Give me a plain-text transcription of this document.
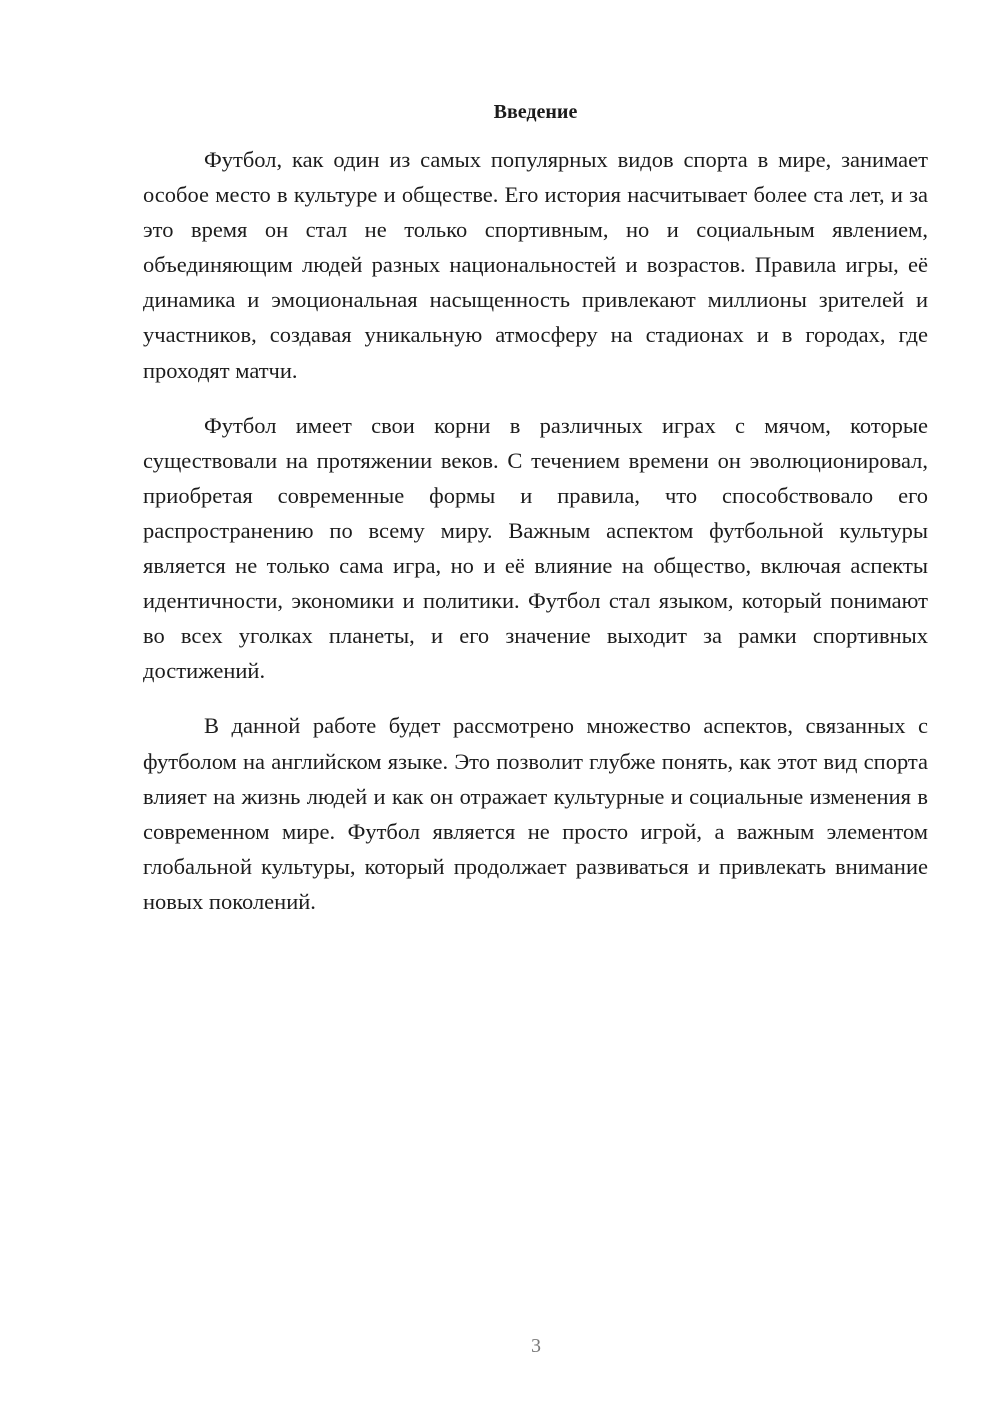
Введение

Футбол, как один из самых популярных видов спорта в мире, занимает особое место в культуре и обществе. Его история насчитывает более ста лет, и за это время он стал не только спортивным, но и социальным явлением, объединяющим людей разных национальностей и возрастов. Правила игры, её динамика и эмоциональная насыщенность привлекают миллионы зрителей и участников, создавая уникальную атмосферу на стадионах и в городах, где проходят матчи.

Футбол имеет свои корни в различных играх с мячом, которые существовали на протяжении веков. С течением времени он эволюционировал, приобретая современные формы и правила, что способствовало его распространению по всему миру. Важным аспектом футбольной культуры является не только сама игра, но и её влияние на общество, включая аспекты идентичности, экономики и политики. Футбол стал языком, который понимают во всех уголках планеты, и его значение выходит за рамки спортивных достижений.

В данной работе будет рассмотрено множество аспектов, связанных с футболом на английском языке. Это позволит глубже понять, как этот вид спорта влияет на жизнь людей и как он отражает культурные и социальные изменения в современном мире. Футбол является не просто игрой, а важным элементом глобальной культуры, который продолжает развиваться и привлекать внимание новых поколений.

3
